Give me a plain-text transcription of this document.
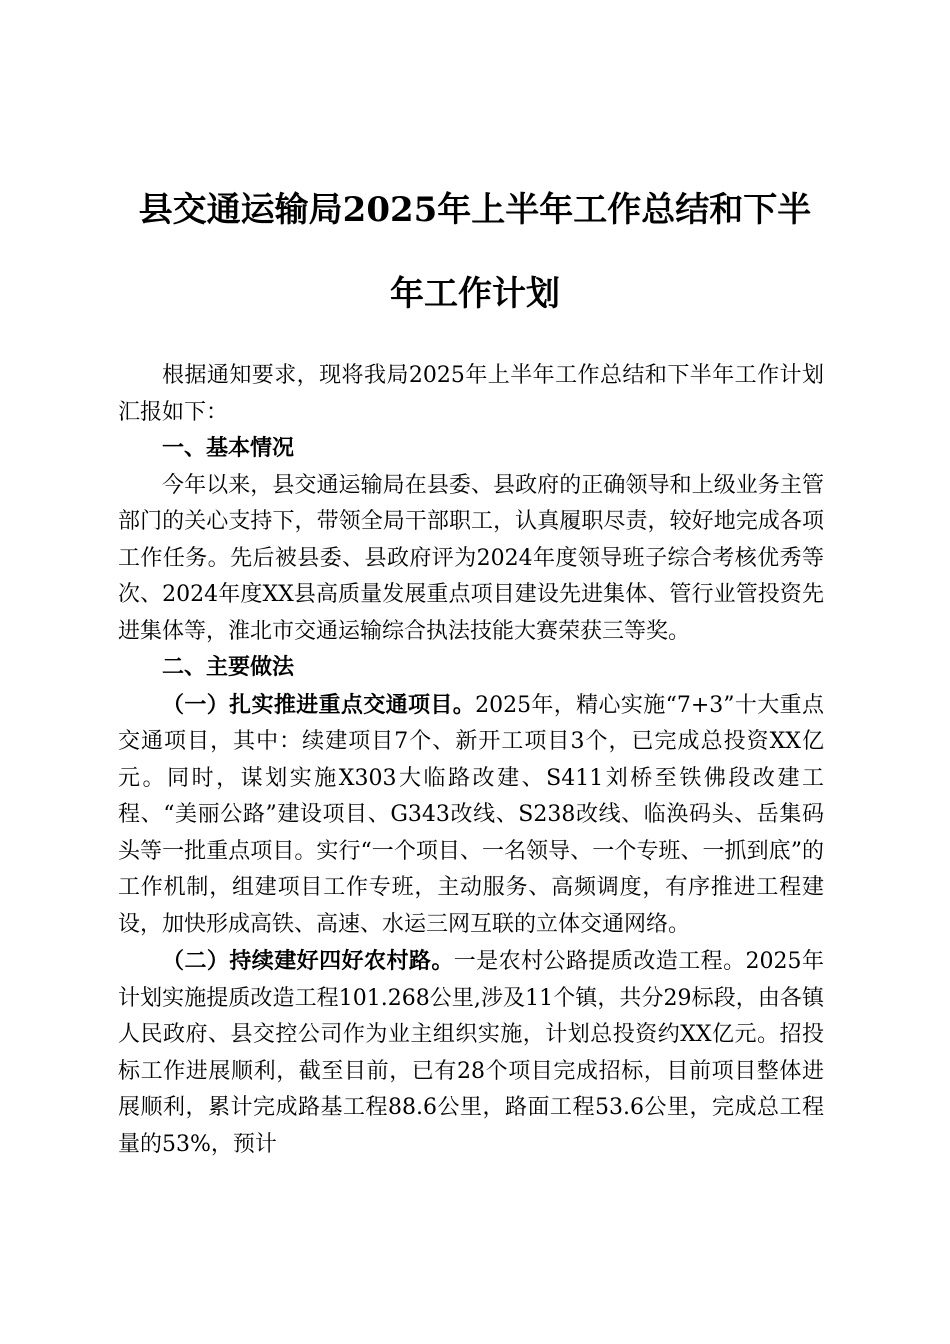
县交通运输局2025年上半年工作总结和下半
年工作计划

根据通知要求，现将我局2025年上半年工作总结和下半年工作计划汇报如下：

一、基本情况

今年以来，县交通运输局在县委、县政府的正确领导和上级业务主管部门的关心支持下，带领全局干部职工，认真履职尽责，较好地完成各项工作任务。先后被县委、县政府评为2024年度领导班子综合考核优秀等次、2024年度XX县高质量发展重点项目建设先进集体、管行业管投资先进集体等，淮北市交通运输综合执法技能大赛荣获三等奖。

二、主要做法

（一）扎实推进重点交通项目。2025年，精心实施“7+3”十大重点交通项目，其中：续建项目7个、新开工项目3个，已完成总投资XX亿元。同时，谋划实施X303大临路改建、S411刘桥至铁佛段改建工程、“美丽公路”建设项目、G343改线、S238改线、临涣码头、岳集码头等一批重点项目。实行“一个项目、一名领导、一个专班、一抓到底”的工作机制，组建项目工作专班，主动服务、高频调度，有序推进工程建设，加快形成高铁、高速、水运三网互联的立体交通网络。

（二）持续建好四好农村路。一是农村公路提质改造工程。2025年计划实施提质改造工程101.268公里,涉及11个镇，共分29标段，由各镇人民政府、县交控公司作为业主组织实施，计划总投资约XX亿元。招投标工作进展顺利，截至目前，已有28个项目完成招标，目前项目整体进展顺利，累计完成路基工程88.6公里，路面工程53.6公里，完成总工程量的53%，预计
